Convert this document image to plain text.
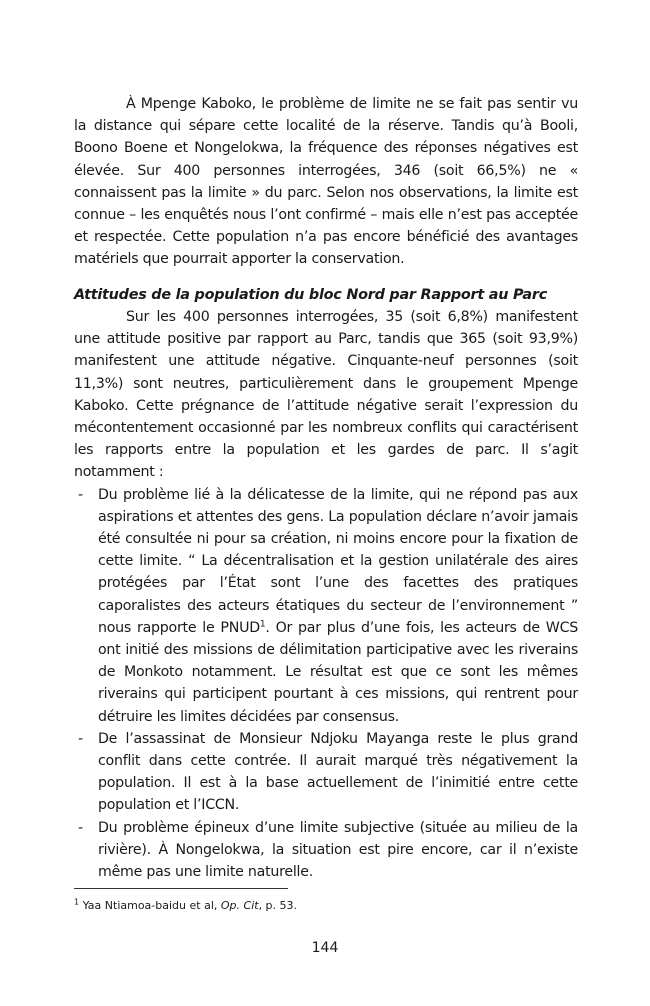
À Mpenge Kaboko, le problème de limite ne se fait pas sentir vu la distance qui sépare cette localité de la réserve. Tandis qu’à Booli, Boono Boene et Nongelokwa, la fréquence des réponses négatives est élevée. Sur 400 personnes interrogées, 346 (soit 66,5%) ne « connaissent pas la limite » du parc. Selon nos observations, la limite est connue – les enquêtés nous l’ont confirmé – mais elle n’est pas acceptée et respectée. Cette population n’a pas encore bénéficié des avantages matériels que pourrait apporter la conservation.

Attitudes de la population du bloc Nord par Rapport au Parc

Sur les 400 personnes interrogées, 35 (soit 6,8%) manifestent une attitude positive par rapport au Parc, tandis que 365 (soit 93,9%) manifestent une attitude négative. Cinquante-neuf personnes (soit 11,3%) sont neutres, particulièrement dans le groupement Mpenge Kaboko. Cette prégnance de l’attitude négative serait l’expression du mécontentement occasionné par les nombreux conflits qui caractérisent les rapports entre la population et les gardes de parc. Il s’agit notamment :

- Du problème lié à la délicatesse de la limite, qui ne répond pas aux aspirations et attentes des gens. La population déclare n’avoir jamais été consultée ni pour sa création, ni moins encore pour la fixation de cette limite. “ La décentralisation et la gestion unilatérale des aires protégées par l’État sont l’une des facettes des pratiques caporalistes des acteurs étatiques du secteur de l’environnement ” nous rapporte le PNUD$^1$. Or par plus d’une fois, les acteurs de WCS ont initié des missions de délimitation participative avec les riverains de Monkoto notamment. Le résultat est que ce sont les mêmes riverains qui participent pourtant à ces missions, qui rentrent pour détruire les limites décidées par consensus.
- De l’assassinat de Monsieur Ndjoku Mayanga reste le plus grand conflit dans cette contrée. Il aurait marqué très négativement la population. Il est à la base actuellement de l’inimitié entre cette population et l’ICCN.
- Du problème épineux d’une limite subjective (située au milieu de la rivière). À Nongelokwa, la situation est pire encore, car il n’existe même pas une limite naturelle.
$^1$ Yaa Ntiamoa-baidu et al, Op. Cit, p. 53.
144
